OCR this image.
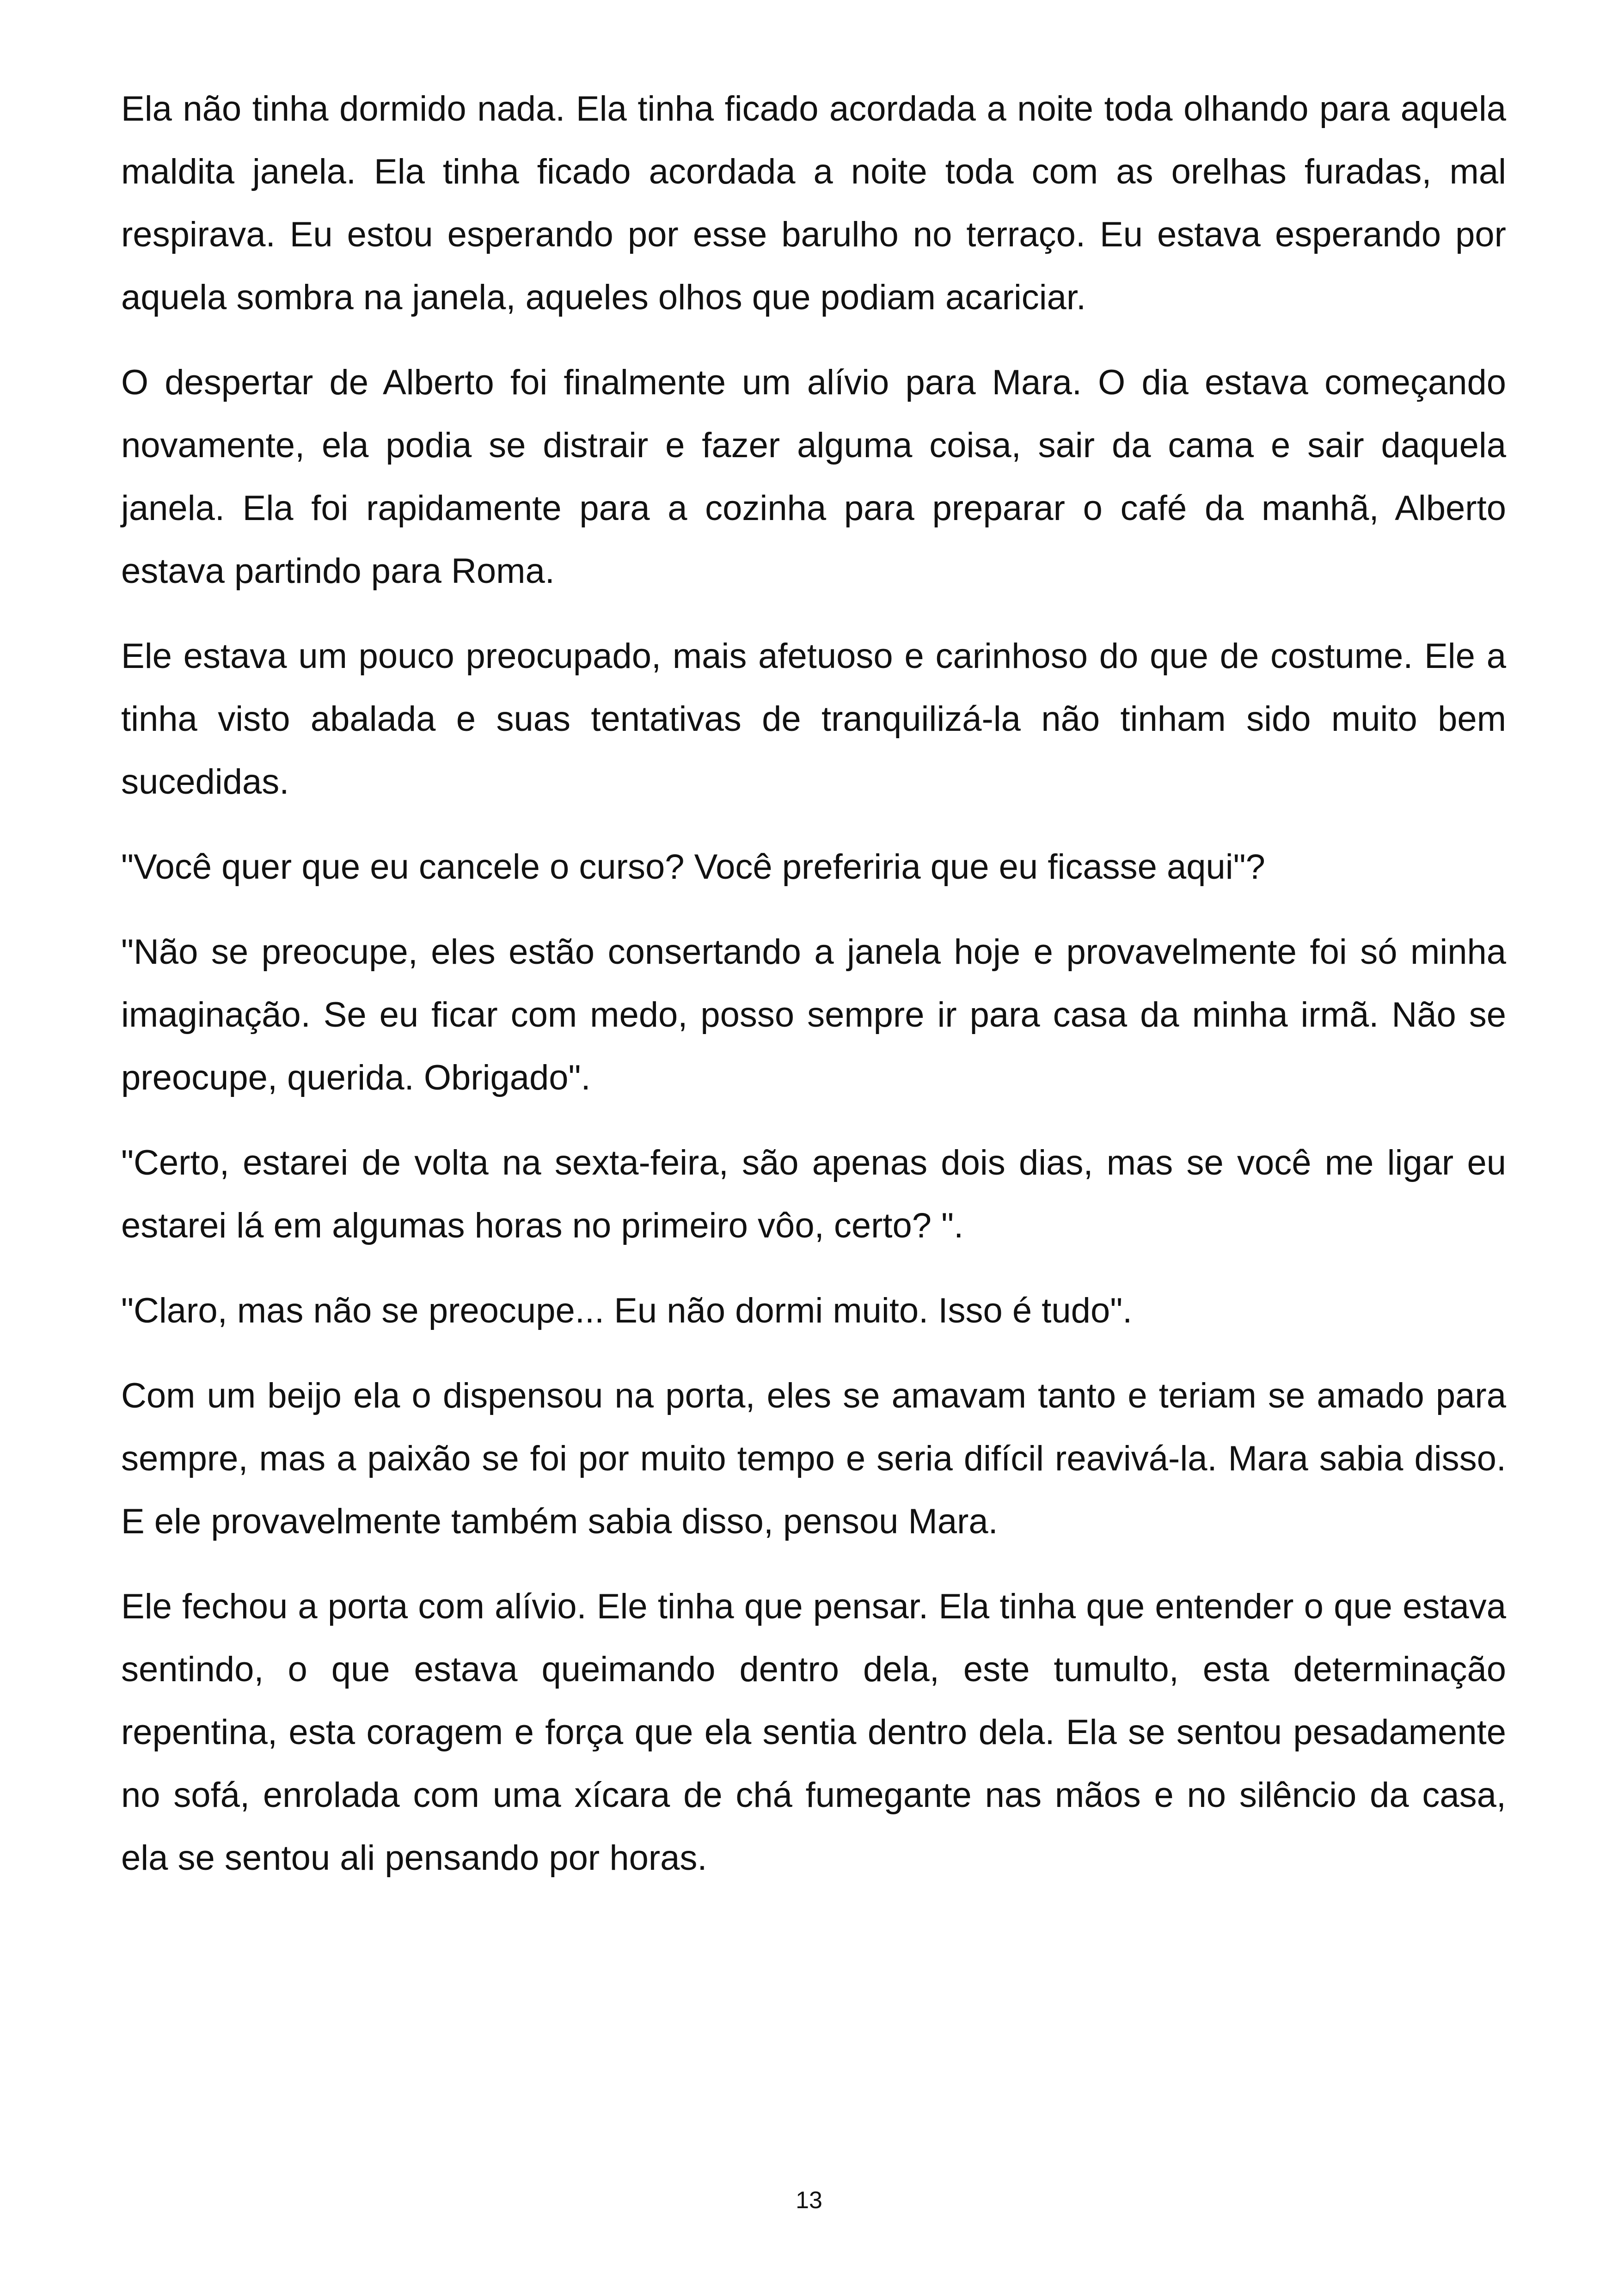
Ela não tinha dormido nada. Ela tinha ficado acordada a noite toda olhando para aquela maldita janela. Ela tinha ficado acordada a noite toda com as orelhas furadas, mal respirava. Eu estou esperando por esse barulho no terraço. Eu estava esperando por aquela sombra na janela, aqueles olhos que podiam acariciar.

O despertar de Alberto foi finalmente um alívio para Mara. O dia estava começando novamente, ela podia se distrair e fazer alguma coisa, sair da cama e sair daquela janela. Ela foi rapidamente para a cozinha para preparar o café da manhã, Alberto estava partindo para Roma.

Ele estava um pouco preocupado, mais afetuoso e carinhoso do que de costume. Ele a tinha visto abalada e suas tentativas de tranquilizá-la não tinham sido muito bem sucedidas.

"Você quer que eu cancele o curso? Você preferiria que eu ficasse aqui"?

"Não se preocupe, eles estão consertando a janela hoje e provavelmente foi só minha imaginação. Se eu ficar com medo, posso sempre ir para casa da minha irmã. Não se preocupe, querida. Obrigado".

"Certo, estarei de volta na sexta-feira, são apenas dois dias, mas se você me ligar eu estarei lá em algumas horas no primeiro vôo, certo? ".

"Claro, mas não se preocupe... Eu não dormi muito. Isso é tudo".

Com um beijo ela o dispensou na porta, eles se amavam tanto e teriam se amado para sempre, mas a paixão se foi por muito tempo e seria difícil reavivá-la. Mara sabia disso. E ele provavelmente também sabia disso, pensou Mara.

Ele fechou a porta com alívio. Ele tinha que pensar. Ela tinha que entender o que estava sentindo, o que estava queimando dentro dela, este tumulto, esta determinação repentina, esta coragem e força que ela sentia dentro dela. Ela se sentou pesadamente no sofá, enrolada com uma xícara de chá fumegante nas mãos e no silêncio da casa, ela se sentou ali pensando por horas.

13
